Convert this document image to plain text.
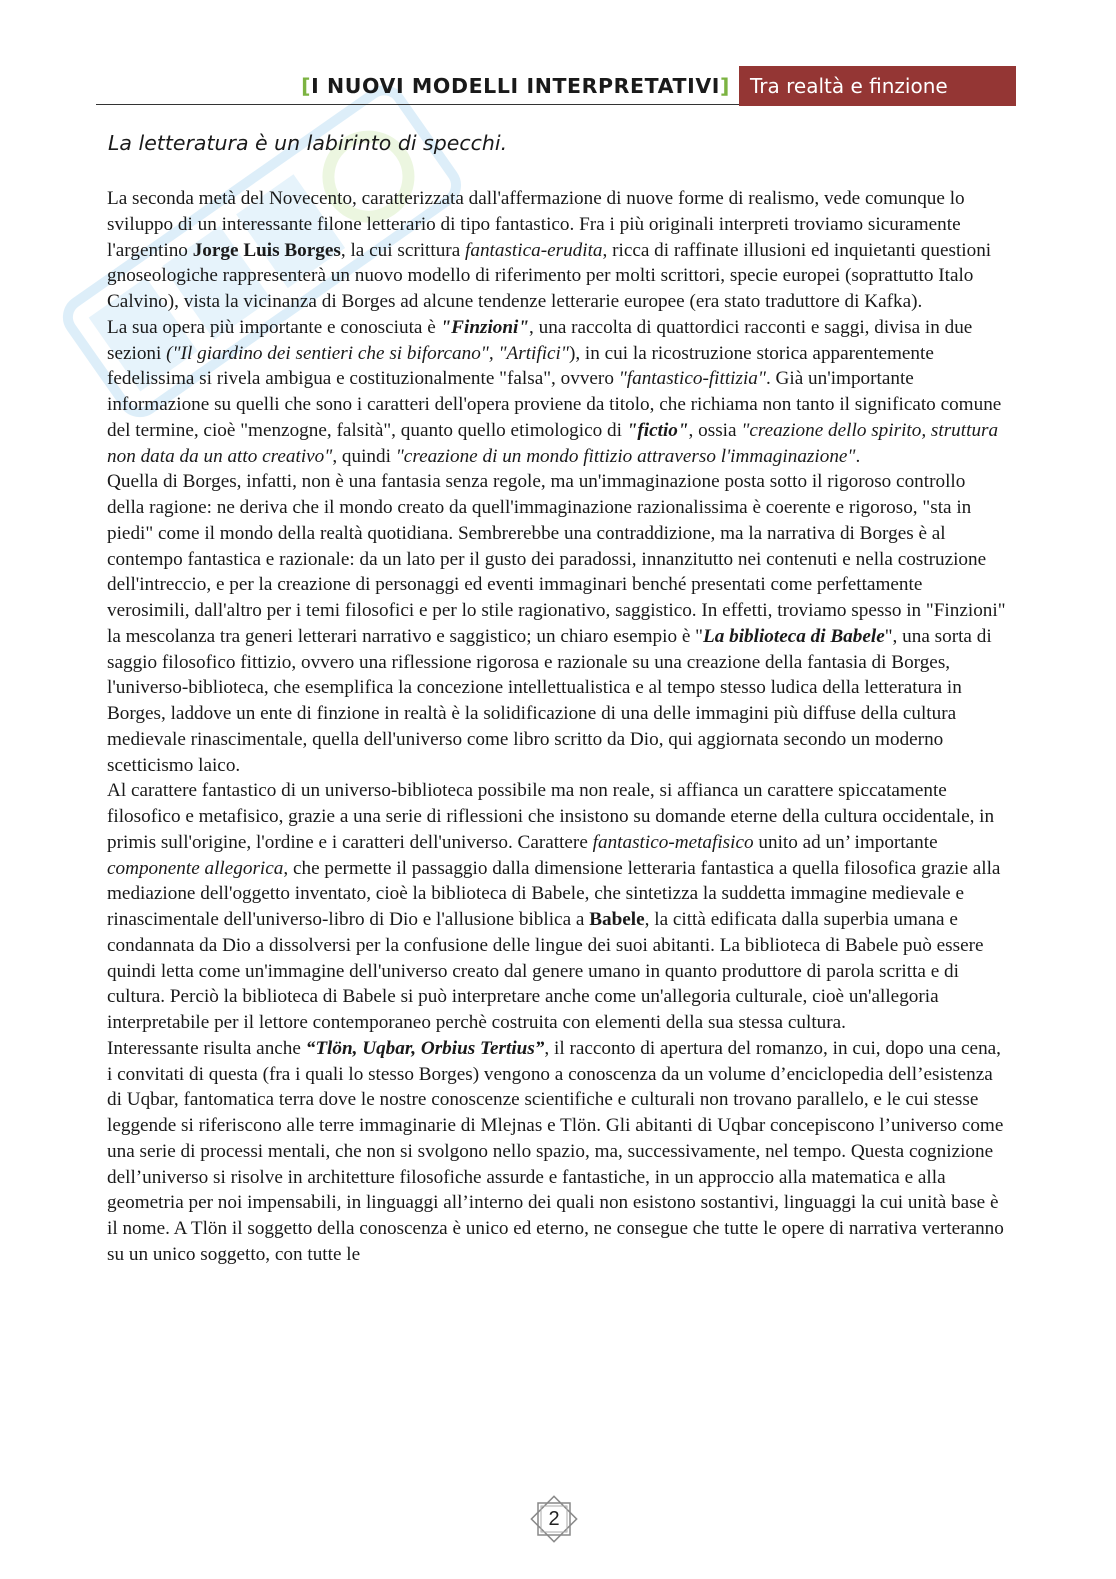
[I NUOVI MODELLI INTERPRETATIVI]	Tra realtà e finzione
La letteratura è un labirinto di specchi.

La seconda metà del Novecento, caratterizzata dall'affermazione di nuove forme di realismo, vede comunque lo sviluppo di un interessante filone letterario di tipo fantastico. Fra i più originali interpreti troviamo sicuramente l'argentino Jorge Luis Borges, la cui scrittura fantastica-erudita, ricca di raffinate illusioni ed inquietanti questioni gnoseologiche rappresenterà un nuovo modello di riferimento per molti scrittori, specie europei (soprattutto Italo Calvino), vista la vicinanza di Borges ad alcune tendenze letterarie europee (era stato traduttore di Kafka).

La sua opera più importante e conosciuta è "Finzioni", una raccolta di quattordici racconti e saggi, divisa in due sezioni ("Il giardino dei sentieri che si biforcano", "Artifici"), in cui la ricostruzione storica apparentemente fedelissima si rivela ambigua e costituzionalmente "falsa", ovvero "fantastico-fittizia". Già un'importante informazione su quelli che sono i caratteri dell'opera proviene da titolo, che richiama non tanto il significato comune del termine, cioè "menzogne, falsità", quanto quello etimologico di "fictio", ossia "creazione dello spirito, struttura non data da un atto creativo", quindi "creazione di un mondo fittizio attraverso l'immaginazione".

Quella di Borges, infatti, non è una fantasia senza regole, ma un'immaginazione posta sotto il rigoroso controllo della ragione: ne deriva che il mondo creato da quell'immaginazione razionalissima è coerente e rigoroso, "sta in piedi" come il mondo della realtà quotidiana. Sembrerebbe una contraddizione, ma la narrativa di Borges è al contempo fantastica e razionale: da un lato per il gusto dei paradossi, innanzitutto nei contenuti e nella costruzione dell'intreccio, e per la creazione di personaggi ed eventi immaginari benché presentati come perfettamente verosimili, dall'altro per i temi filosofici e per lo stile ragionativo, saggistico. In effetti, troviamo spesso in "Finzioni" la mescolanza tra generi letterari narrativo e saggistico; un chiaro esempio è "La biblioteca di Babele", una sorta di saggio filosofico fittizio, ovvero una riflessione rigorosa e razionale su una creazione della fantasia di Borges, l'universo-biblioteca, che esemplifica la concezione intellettualistica e al tempo stesso ludica della letteratura in Borges, laddove un ente di finzione in realtà è la solidificazione di una delle immagini più diffuse della cultura medievale rinascimentale, quella dell'universo come libro scritto da Dio, qui aggiornata secondo un moderno scetticismo laico.

Al carattere fantastico di un universo-biblioteca possibile ma non reale, si affianca un carattere spiccatamente filosofico e metafisico, grazie a una serie di riflessioni che insistono su domande eterne della cultura occidentale, in primis sull'origine, l'ordine e i caratteri dell'universo. Carattere fantastico-metafisico unito ad un’ importante componente allegorica, che permette il passaggio dalla dimensione letteraria fantastica a quella filosofica grazie alla mediazione dell'oggetto inventato, cioè la biblioteca di Babele, che sintetizza la suddetta immagine medievale e rinascimentale dell'universo-libro di Dio e l'allusione biblica a Babele, la città edificata dalla superbia umana e condannata da Dio a dissolversi per la confusione delle lingue dei suoi abitanti. La biblioteca di Babele può essere quindi letta come un'immagine dell'universo creato dal genere umano in quanto produttore di parola scritta e di cultura. Perciò la biblioteca di Babele si può interpretare anche come un'allegoria culturale, cioè un'allegoria interpretabile per il lettore contemporaneo perchè costruita con elementi della sua stessa cultura.

Interessante risulta anche “Tlön, Uqbar, Orbius Tertius”, il racconto di apertura del romanzo, in cui, dopo una cena, i convitati di questa (fra i quali lo stesso Borges) vengono a conoscenza da un volume d’enciclopedia dell’esistenza di Uqbar, fantomatica terra dove le nostre conoscenze scientifiche e culturali non trovano parallelo, e le cui stesse leggende si riferiscono alle terre immaginarie di Mlejnas e Tlön. Gli abitanti di Uqbar concepiscono l’universo come una serie di processi mentali, che non si svolgono nello spazio, ma, successivamente, nel tempo. Questa cognizione dell’universo si risolve in architetture filosofiche assurde e fantastiche, in un approccio alla matematica e alla geometria per noi impensabili, in linguaggi all’interno dei quali non esistono sostantivi, linguaggi la cui unità base è il nome. A Tlön il soggetto della conoscenza è unico ed eterno, ne consegue che tutte le opere di narrativa verteranno su un unico soggetto, con tutte le

2
